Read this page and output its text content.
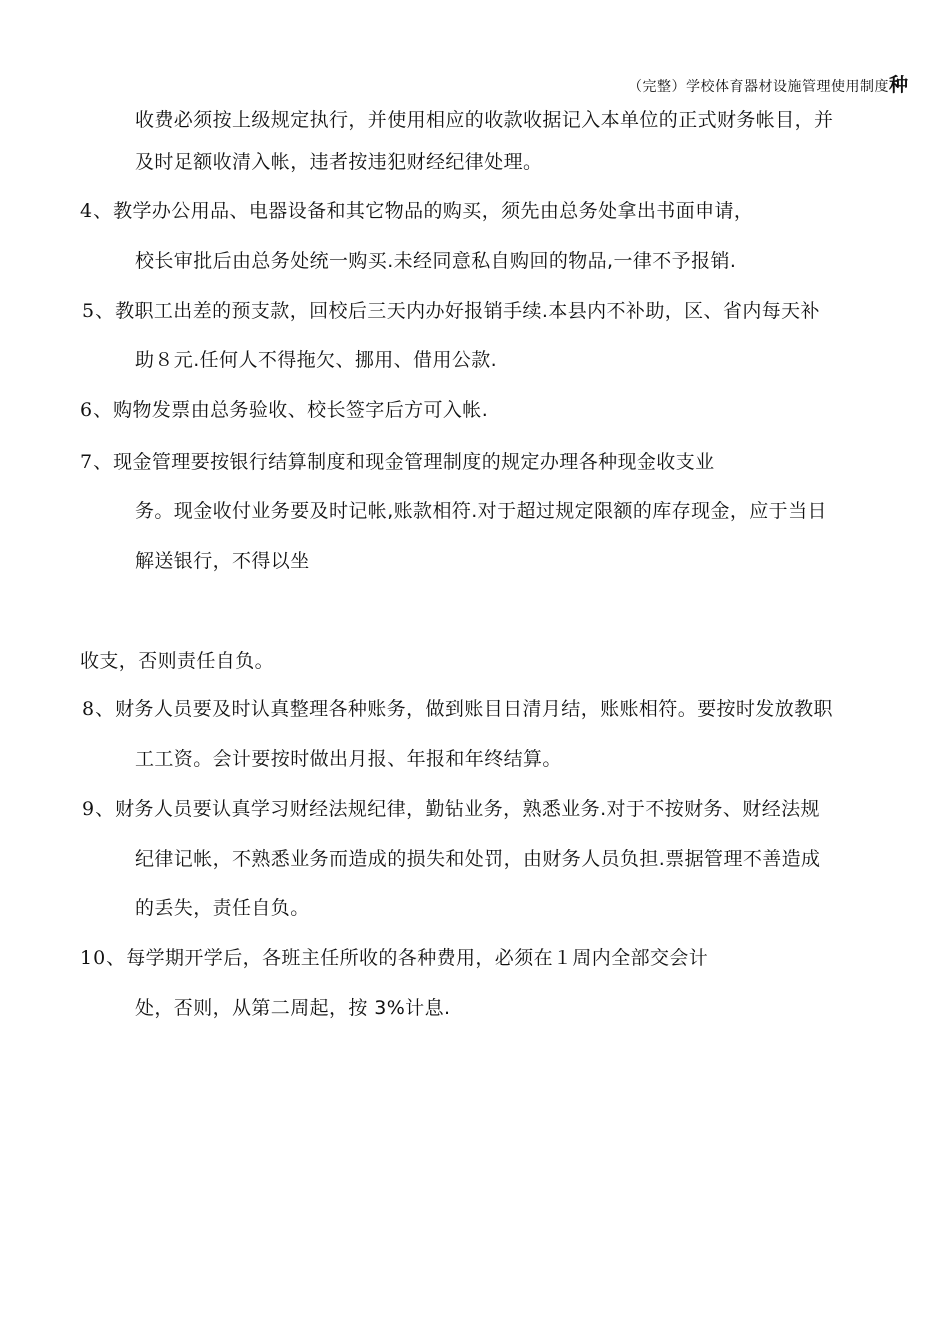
（完整）学校体育器材设施管理使用制度种
收费必须按上级规定执行，并使用相应的收款收据记入本单位的正式财务帐目，并
及时足额收清入帐，违者按违犯财经纪律处理。
4、教学办公用品、电器设备和其它物品的购买，须先由总务处拿出书面申请，
校长审批后由总务处统一购买.未经同意私自购回的物品,一律不予报销.
5、教职工出差的预支款，回校后三天内办好报销手续.本县内不补助，区、省内每天补
助８元.任何人不得拖欠、挪用、借用公款.
6、购物发票由总务验收、校长签字后方可入帐.
7、现金管理要按银行结算制度和现金管理制度的规定办理各种现金收支业
务。现金收付业务要及时记帐,账款相符.对于超过规定限额的库存现金，应于当日
解送银行，不得以坐
收支，否则责任自负。
8、财务人员要及时认真整理各种账务，做到账目日清月结，账账相符。要按时发放教职
工工资。会计要按时做出月报、年报和年终结算。
9、财务人员要认真学习财经法规纪律，勤钻业务，熟悉业务.对于不按财务、财经法规
纪律记帐，不熟悉业务而造成的损失和处罚，由财务人员负担.票据管理不善造成
的丢失，责任自负。
10、每学期开学后，各班主任所收的各种费用，必须在１周内全部交会计
处，否则，从第二周起，按 3%计息.
